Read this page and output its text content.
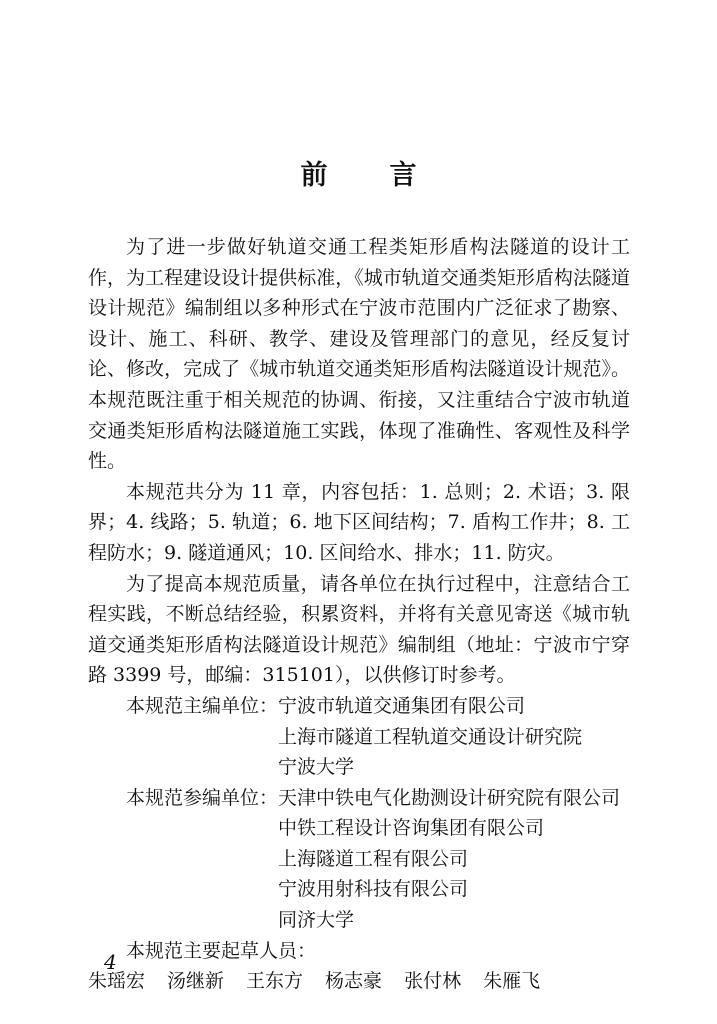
前 言

为了进一步做好轨道交通工程类矩形盾构法隧道的设计工作，为工程建设设计提供标准，《城市轨道交通类矩形盾构法隧道设计规范》编制组以多种形式在宁波市范围内广泛征求了勘察、设计、施工、科研、教学、建设及管理部门的意见，经反复讨论、修改，完成了《城市轨道交通类矩形盾构法隧道设计规范》。本规范既注重于相关规范的协调、衔接，又注重结合宁波市轨道交通类矩形盾构法隧道施工实践，体现了准确性、客观性及科学性。

本规范共分为 11 章，内容包括：1. 总则；2. 术语；3. 限界；4. 线路；5. 轨道；6. 地下区间结构；7. 盾构工作井；8. 工程防水；9. 隧道通风；10. 区间给水、排水；11. 防灾。

为了提高本规范质量，请各单位在执行过程中，注意结合工程实践，不断总结经验，积累资料，并将有关意见寄送《城市轨道交通类矩形盾构法隧道设计规范》编制组（地址：宁波市宁穿路 3399 号，邮编：315101），以供修订时参考。

本规范主编单位： 宁波市轨道交通集团有限公司
上海市隧道工程轨道交通设计研究院
宁波大学
本规范参编单位： 天津中铁电气化勘测设计研究院有限公司
中铁工程设计咨询集团有限公司
上海隧道工程有限公司
宁波用射科技有限公司
同济大学
本规范主要起草人员：
朱瑶宏 汤继新 王东方 杨志豪 张付林 朱雁飞
4
